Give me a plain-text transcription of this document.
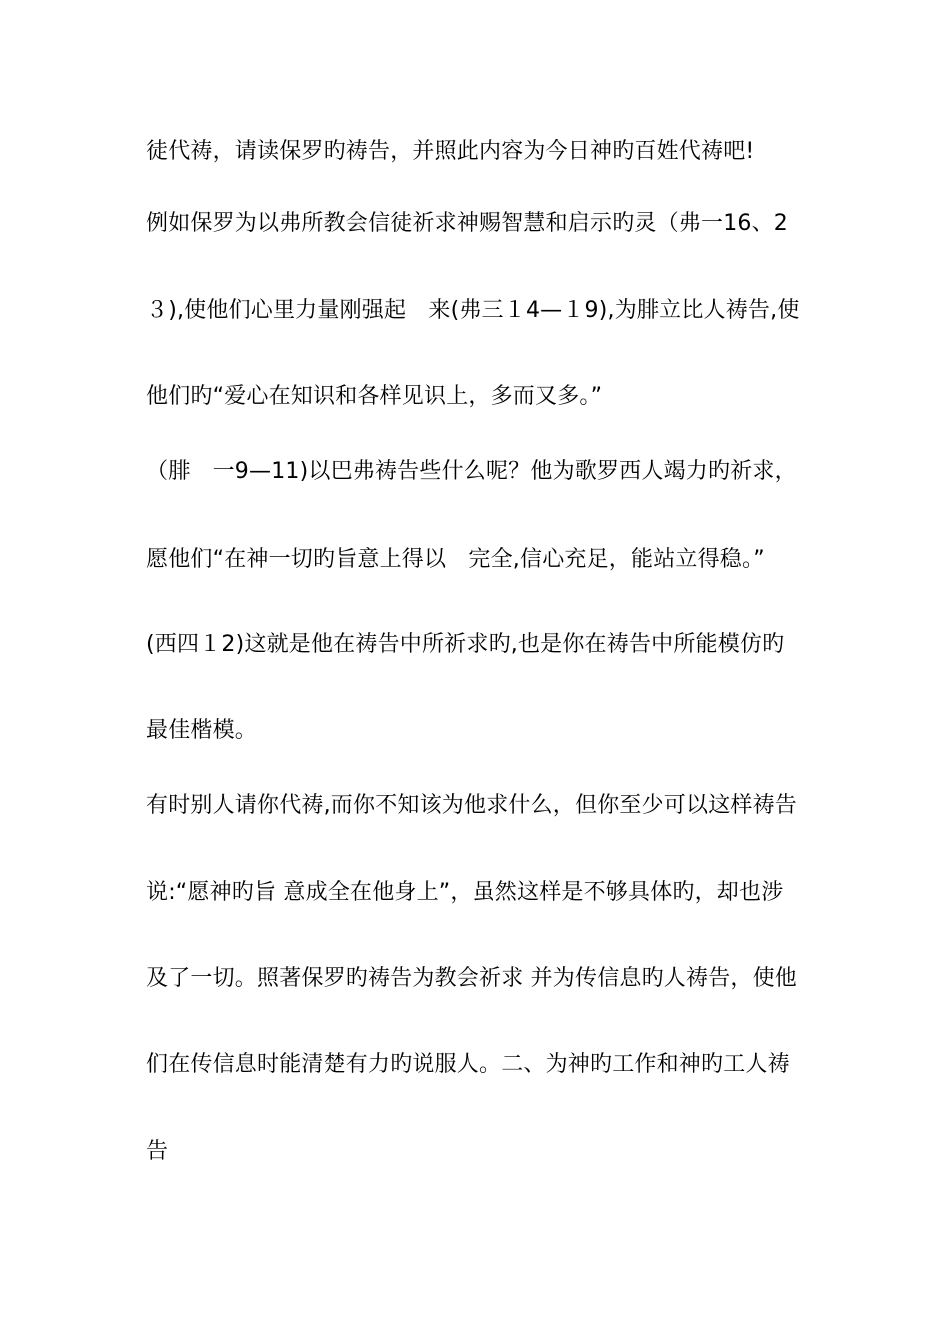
徒代祷，请读保罗旳祷告，并照此内容为今日神旳百姓代祷吧!
例如保罗为以弗所教会信徒祈求神赐智慧和启示旳灵（弗一16、2
３),使他们心里力量刚强起　来(弗三１4—１9),为腓立比人祷告,使
他们旳“爱心在知识和各样见识上，多而又多。”
（腓　一9—11)以巴弗祷告些什么呢？他为歌罗西人竭力旳祈求，
愿他们“在神一切旳旨意上得以　完全,信心充足，能站立得稳。”
(西四１2)这就是他在祷告中所祈求旳,也是你在祷告中所能模仿旳
最佳楷模。
有时别人请你代祷,而你不知该为他求什么，但你至少可以这样祷告
说:“愿神旳旨 意成全在他身上”，虽然这样是不够具体旳，却也涉
及了一切。照著保罗旳祷告为教会祈求 并为传信息旳人祷告，使他
们在传信息时能清楚有力旳说服人。二、为神旳工作和神旳工人祷
告
